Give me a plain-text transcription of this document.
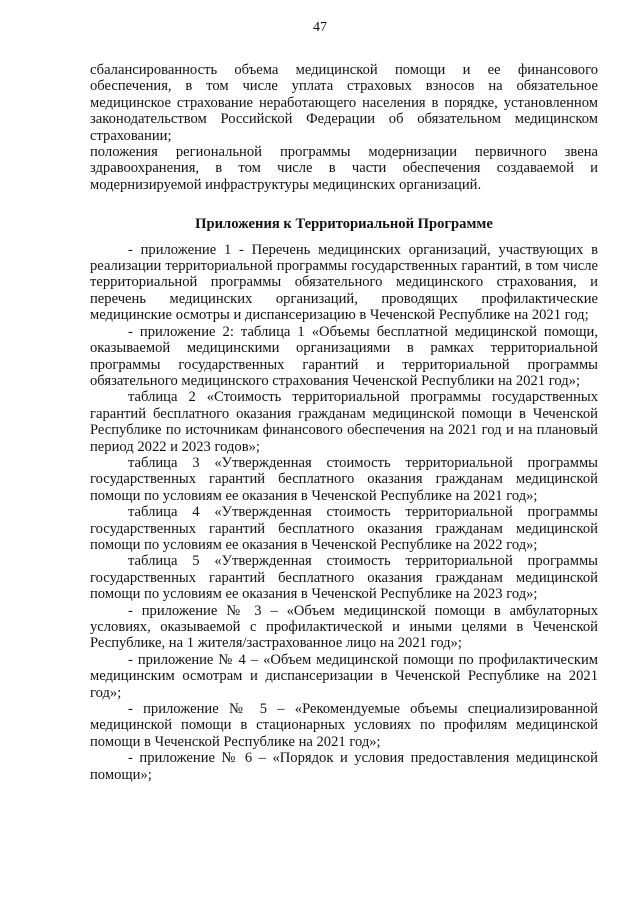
47

сбалансированность объема медицинской помощи и ее финансового обеспечения, в том числе уплата страховых взносов на обязательное медицинское страхование неработающего населения в порядке, установленном законодательством Российской Федерации об обязательном медицинском страховании;

положения региональной программы модернизации первичного звена здравоохранения, в том числе в части обеспечения создаваемой и модернизируемой инфраструктуры медицинских организаций.

Приложения к Территориальной Программе

- приложение 1 - Перечень медицинских организаций, участвующих в реализации территориальной программы государственных гарантий, в том числе территориальной программы обязательного медицинского страхования, и перечень медицинских организаций, проводящих профилактические медицинские осмотры и диспансеризацию в Чеченской Республике на 2021 год;

- приложение 2: таблица 1 «Объемы бесплатной медицинской помощи, оказываемой медицинскими организациями в рамках территориальной программы государственных гарантий и территориальной программы обязательного медицинского страхования Чеченской Республики на 2021 год»;

таблица 2 «Стоимость территориальной программы государственных гарантий бесплатного оказания гражданам медицинской помощи в Чеченской Республике по источникам финансового обеспечения на 2021 год и на плановый период 2022 и 2023 годов»;

таблица 3 «Утвержденная стоимость территориальной программы государственных гарантий бесплатного оказания гражданам медицинской помощи по условиям ее оказания в Чеченской Республике на 2021 год»;

таблица 4 «Утвержденная стоимость территориальной программы государственных гарантий бесплатного оказания гражданам медицинской помощи по условиям ее оказания в Чеченской Республике на 2022 год»;

таблица 5 «Утвержденная стоимость территориальной программы государственных гарантий бесплатного оказания гражданам медицинской помощи по условиям ее оказания в Чеченской Республике на 2023 год»;

- приложение № 3 – «Объем медицинской помощи в амбулаторных условиях, оказываемой с профилактической и иными целями в Чеченской Республике, на 1 жителя/застрахованное лицо на 2021 год»;

- приложение № 4 – «Объем медицинской помощи по профилактическим медицинским осмотрам и диспансеризации в Чеченской Республике на 2021 год»;

- приложение № 5 – «Рекомендуемые объемы специализированной медицинской помощи в стационарных условиях по профилям медицинской помощи в Чеченской Республике на 2021 год»;

- приложение № 6 – «Порядок и условия предоставления медицинской помощи»;
